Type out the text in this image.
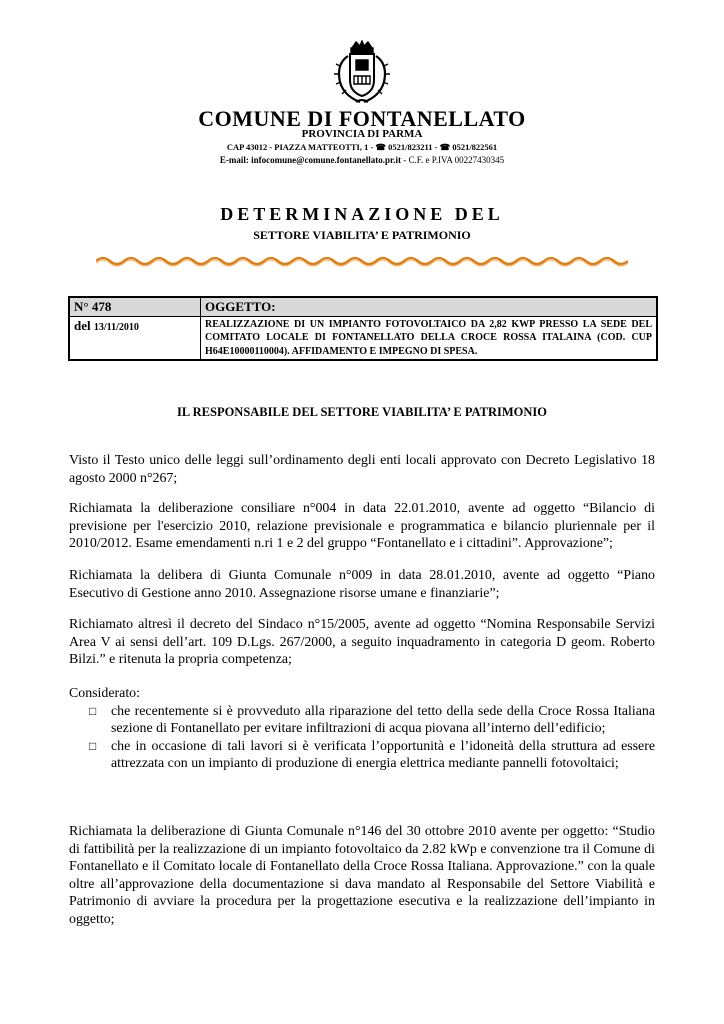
COMUNE DI FONTANELLATO
PROVINCIA DI PARMA
CAP 43012 - PIAZZA MATTEOTTI, 1 - ☎ 0521/823211 - ☎ 0521/822561
E-mail: infocomune@comune.fontanellato.pr.it - C.F. e P.IVA 00227430345
DETERMINAZIONE DEL
SETTORE VIABILITA’ E PATRIMONIO
N° 478	OGGETTO:
del 13/11/2010	REALIZZAZIONE DI UN IMPIANTO FOTOVOLTAICO DA 2,82 KWP PRESSO LA SEDE DEL COMITATO LOCALE DI FONTANELLATO DELLA CROCE ROSSA ITALAINA (COD. CUP H64E10000110004). AFFIDAMENTO E IMPEGNO DI SPESA.
IL RESPONSABILE DEL SETTORE VIABILITA’ E PATRIMONIO

Visto il Testo unico delle leggi sull’ordinamento degli enti locali approvato con Decreto Legislativo 18 agosto 2000 n°267;

Richiamata la deliberazione consiliare n°004 in data 22.01.2010, avente ad oggetto “Bilancio di previsione per l'esercizio 2010, relazione previsionale e programmatica e bilancio pluriennale per il 2010/2012. Esame emendamenti n.ri 1 e 2 del gruppo “Fontanellato e i cittadini”. Approvazione”;

Richiamata la delibera di Giunta Comunale n°009 in data 28.01.2010, avente ad oggetto “Piano Esecutivo di Gestione anno 2010. Assegnazione risorse umane e finanziarie”;

Richiamato altresì il decreto del Sindaco n°15/2005, avente ad oggetto “Nomina Responsabile Servizi Area V ai sensi dell’art. 109 D.Lgs. 267/2000, a seguito inquadramento in categoria D geom. Roberto Bilzi.” e ritenuta la propria competenza;

Considerato:

□ che recentemente si è provveduto alla riparazione del tetto della sede della Croce Rossa Italiana sezione di Fontanellato per evitare infiltrazioni di acqua piovana all’interno dell’edificio;
□ che in occasione di tali lavori si è verificata l’opportunità e l’idoneità della struttura ad essere attrezzata con un impianto di produzione di energia elettrica mediante pannelli fotovoltaici;

Richiamata la deliberazione di Giunta Comunale n°146 del 30 ottobre 2010 avente per oggetto: “Studio di fattibilità per la realizzazione di un impianto fotovoltaico da 2.82 kWp e convenzione tra il Comune di Fontanellato e il Comitato locale di Fontanellato della Croce Rossa Italiana. Approvazione.” con la quale oltre all’approvazione della documentazione si dava mandato al Responsabile del Settore Viabilità e Patrimonio di avviare la procedura per la progettazione esecutiva e la realizzazione dell’impianto in oggetto;
